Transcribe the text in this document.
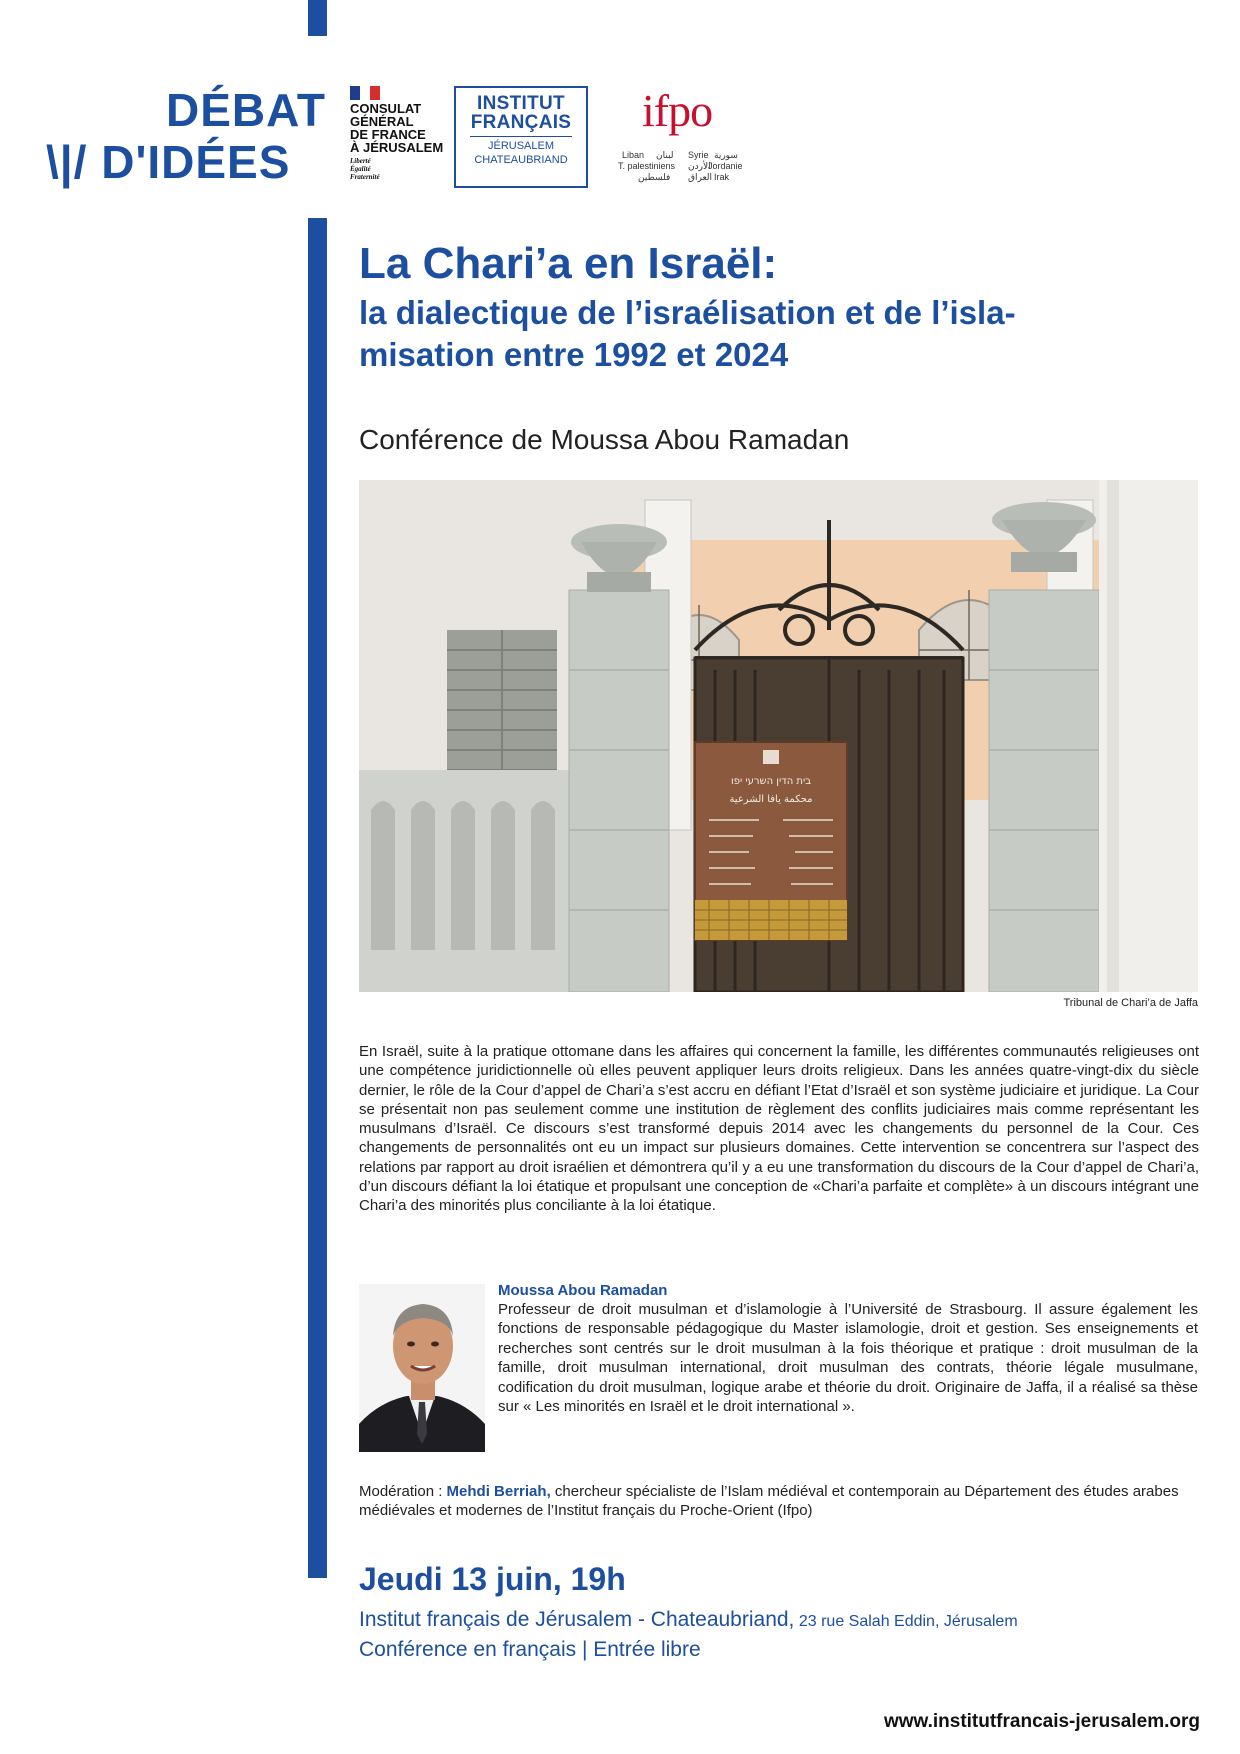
DÉBAT
\|/ D'IDÉES
CONSULAT
GÉNÉRAL
DE FRANCE
À JÉRUSALEM
Liberté
Égalité
Fraternité
INSTITUT
FRANÇAIS
JÉRUSALEM
CHATEAUBRIAND
ifpo
Liban لبنان Syrie سورية
T. palestiniens الأردن
Jordanie
فلسطين العراق Irak
La Chari’a en Israël:
la dialectique de l’israélisation et de l’isla-
misation entre 1992 et 2024
Conférence de Moussa Abou Ramadan
בית הדין השרעי יפו
محكمة يافا الشرعية
Tribunal de Chari’a de Jaffa

En Israël, suite à la pratique ottomane dans les affaires qui concernent la famille, les différentes communautés religieuses ont une compétence juridictionnelle où elles peuvent appliquer leurs droits religieux. Dans les années quatre-vingt-dix du siècle dernier, le rôle de la Cour d’appel de Chari’a s’est accru en défiant l’Etat d’Israël et son système judiciaire et juridique. La Cour se présentait non pas seulement comme une institution de règlement des conflits judiciaires mais comme représentant les musulmans d’Israël. Ce discours s’est transformé depuis 2014 avec les changements du personnel de la Cour. Ces changements de personnalités ont eu un impact sur plusieurs domaines. Cette intervention se concentrera sur l’aspect des relations par rapport au droit israélien et démontrera qu’il y a eu une transformation du discours de la Cour d’appel de Chari’a, d’un discours défiant la loi étatique et propulsant une conception de «Chari’a parfaite et complète» à un discours intégrant une Chari’a des minorités plus conciliante à la loi étatique.

Moussa Abou Ramadan

Professeur de droit musulman et d’islamologie à l’Université de Strasbourg. Il assure également les fonctions de responsable pédagogique du Master islamologie, droit et gestion. Ses enseignements et recherches sont centrés sur le droit musulman à la fois théorique et pratique : droit musulman de la famille, droit musulman international, droit musulman des contrats, théorie légale musulmane, codification du droit musulman, logique arabe et théorie du droit. Originaire de Jaffa, il a réalisé sa thèse sur « Les minorités en Israël et le droit international ».

Modération : Mehdi Berriah, chercheur spécialiste de l’Islam médiéval et contemporain au Département des études arabes médiévales et modernes de l’Institut français du Proche-Orient (Ifpo)

Jeudi 13 juin, 19h
Institut français de Jérusalem - Chateaubriand, 23 rue Salah Eddin, Jérusalem
Conférence en français | Entrée libre
www.institutfrancais-jerusalem.org
